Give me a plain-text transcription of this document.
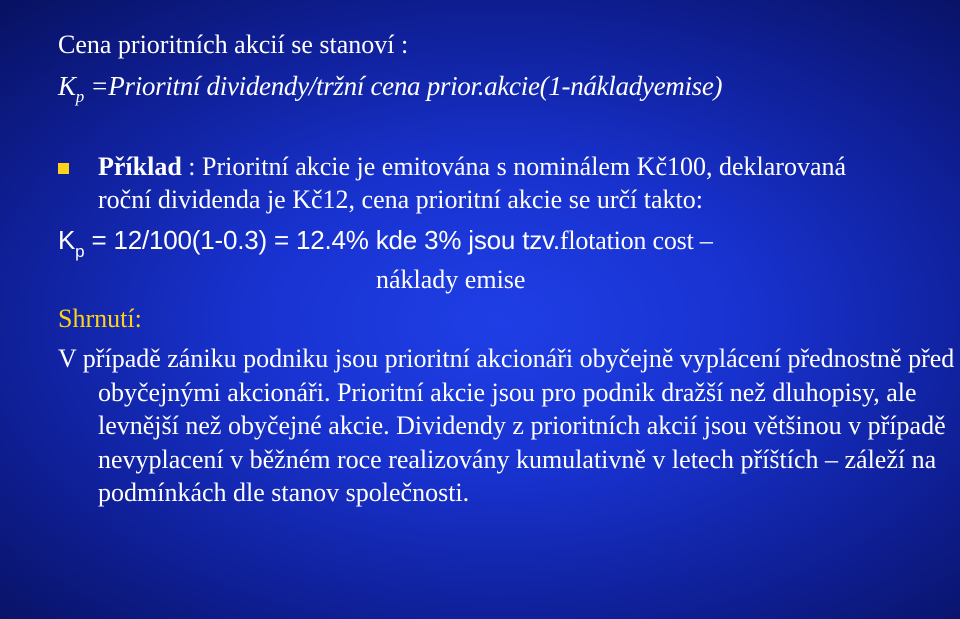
Cena prioritních akcií se stanoví :
$K_p$ =Prioritní dividendy/tržní cena prior.akcie(1-nákladyemise)
Příklad : Prioritní akcie je emitována s nominálem Kč100, deklarovaná roční dividenda je Kč12, cena prioritní akcie se určí takto:
$K_p = 12/100(1-0.3) = 12.4\%$ kde 3% jsou tzv.flotation cost –
náklady emise
Shrnutí:
V případě zániku podniku jsou prioritní akcionáři obyčejně vyplácení přednostně před obyčejnými akcionáři. Prioritní akcie jsou pro podnik dražší než dluhopisy, ale levnější než obyčejné akcie. Dividendy z prioritních akcií jsou většinou v případě nevyplacení v běžném roce realizovány kumulativně v letech příštích – záleží na podmínkách dle stanov společnosti.
